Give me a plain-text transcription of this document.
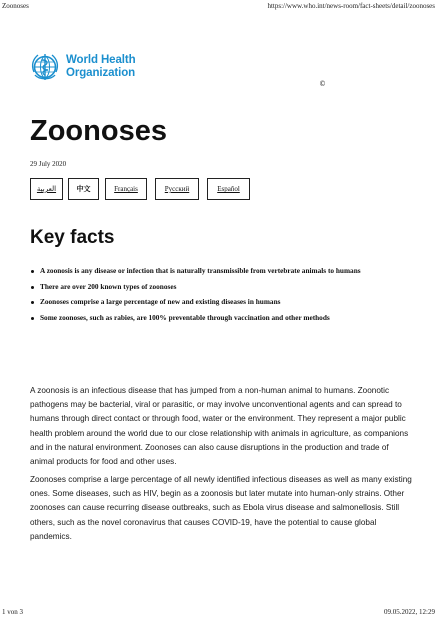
Zoonoses	https://www.who.int/news-room/fact-sheets/detail/zoonoses
World Health
Organization
©
Zoonoses
29 July 2020
العربية	中文	Français	Русский	Español
Key facts
A zoonosis is any disease or infection that is naturally transmissible from vertebrate animals to humans
There are over 200 known types of zoonoses
Zoonoses comprise a large percentage of new and existing diseases in humans
Some zoonoses, such as rabies, are 100% preventable through vaccination and other methods

A zoonosis is an infectious disease that has jumped from a non-human animal to humans. Zoonotic pathogens may be bacterial, viral or parasitic, or may involve unconventional agents and can spread to humans through direct contact or through food, water or the environment. They represent a major public health problem around the world due to our close relationship with animals in agriculture, as companions and in the natural environment. Zoonoses can also cause disruptions in the production and trade of animal products for food and other uses.

Zoonoses comprise a large percentage of all newly identified infectious diseases as well as many existing ones. Some diseases, such as HIV, begin as a zoonosis but later mutate into human-only strains. Other zoonoses can cause recurring disease outbreaks, such as Ebola virus disease and salmonellosis. Still others, such as the novel coronavirus that causes COVID-19, have the potential to cause global pandemics.

1 von 3	09.05.2022, 12:29
